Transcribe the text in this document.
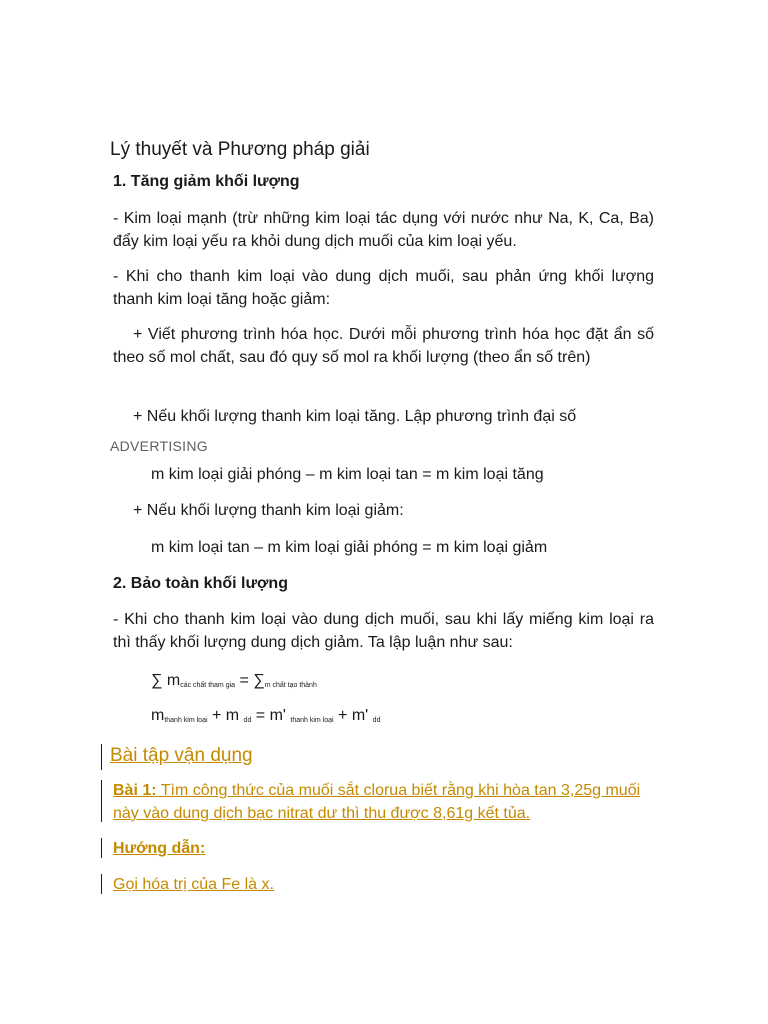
Lý thuyết và Phương pháp giải
1. Tăng giảm khối lượng
- Kim loại mạnh (trừ những kim loại tác dụng với nước như Na, K, Ca, Ba) đẩy kim loại yếu ra khỏi dung dịch muối của kim loại yếu.
- Khi cho thanh kim loại vào dung dịch muối, sau phản ứng khối lượng thanh kim loại tăng hoặc giảm:
+ Viết phương trình hóa học. Dưới mỗi phương trình hóa học đặt ẩn số theo số mol chất, sau đó quy số mol ra khối lượng (theo ẩn số trên)
+ Nếu khối lượng thanh kim loại tăng. Lập phương trình đại số
ADVERTISING
m kim loại giải phóng – m kim loại tan = m kim loại tăng
+ Nếu khối lượng thanh kim loại giảm:
m kim loại tan – m kim loại giải phóng = m kim loại giảm
2. Bảo toàn khối lượng
- Khi cho thanh kim loại vào dung dịch muối, sau khi lấy miếng kim loại ra thì thấy khối lượng dung dịch giảm. Ta lập luận như sau:
∑ $m_{các chất tham gia} = \sum_{m chất tạo thành}$
$m_{thanh kim loại} + m$ $_{dd}$ = m' $_{thanh kim loại}$ + m' $_{dd}$
Bài tập vận dụng
Bài 1: Tìm công thức của muối sắt clorua biết rằng khi hòa tan 3,25g muối này vào dung dịch bạc nitrat dư thì thu được 8,61g kết tủa.
Hướng dẫn:
Gọi hóa trị của Fe là x.
